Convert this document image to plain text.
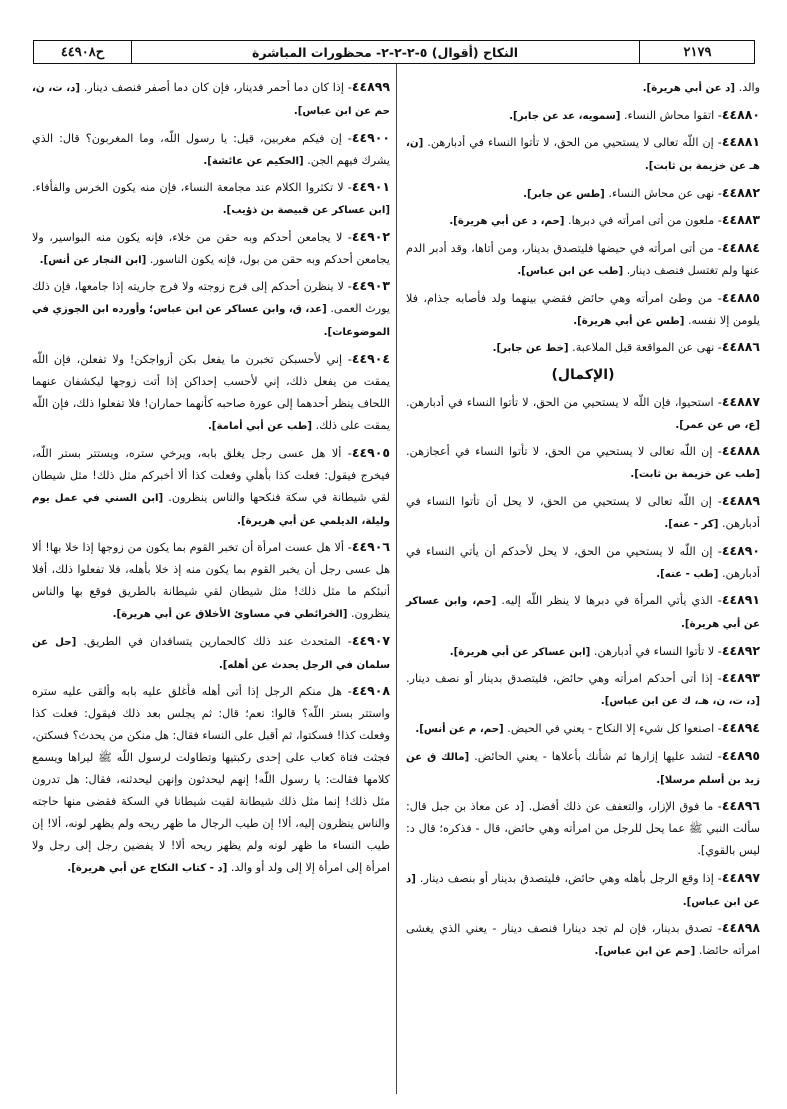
ح٤٤٩٠٨	النكاح (أقوال) ٥-٢-٢-٢- محظورات المباشرة	٢١٧٩
والد. [د عن أبي هريرة].
٤٤٨٨٠- اتقوا محاش النساء. [سمويه، عد عن جابر].
٤٤٨٨١- إن اللّه تعالى لا يستحيي من الحق، لا تأتوا النساء في أدبارهن. [ن، هـ عن خزيمة بن ثابت].
٤٤٨٨٢- نهى عن محاش النساء. [طس عن جابر].
٤٤٨٨٣- ملعون من أتى امرأته في دبرها. [حم، د عن أبي هريرة].
٤٤٨٨٤- من أتى امرأته في حيضها فليتصدق بدينار، ومن أتاها، وقد أدبر الدم عنها ولم تغتسل فنصف دينار. [طب عن ابن عباس].
٤٤٨٨٥- من وطئ امرأته وهي حائض فقضي بينهما ولد فأصابه جذام، فلا يلومن إلا نفسه. [طس عن أبي هريرة].
٤٤٨٨٦- نهى عن المواقعة قبل الملاعبة. [خط عن جابر].
(الإكمال)
٤٤٨٨٧- استحيوا، فإن اللّه لا يستحيي من الحق، لا تأتوا النساء في أدبارهن. [ع، ص عن عمر].
٤٤٨٨٨- إن اللّه تعالى لا يستحيي من الحق، لا تأتوا النساء في أعجازهن. [طب عن خزيمة بن ثابت].
٤٤٨٨٩- إن اللّه تعالى لا يستحيي من الحق، لا يحل أن تأتوا النساء في أدبارهن. [كر - عنه].
٤٤٨٩٠- إن اللّه لا يستحيي من الحق، لا يحل لأحدكم أن يأتي النساء في أدبارهن. [طب - عنه].
٤٤٨٩١- الذي يأتي المرأة في دبرها لا ينظر اللّه إليه. [حم، وابن عساكر عن أبي هريرة].
٤٤٨٩٢- لا تأتوا النساء في أدبارهن. [ابن عساكر عن أبي هريرة].
٤٤٨٩٣- إذا أتى أحدكم امرأته وهي حائض، فليتصدق بدينار أو نصف دينار. [د، ت، ن، هـ، ك عن ابن عباس].
٤٤٨٩٤- اصنعوا كل شيء إلا النكاح - يعني في الحيض. [حم، م عن أنس].
٤٤٨٩٥- لتشد عليها إزارها ثم شأنك بأعلاها - يعني الحائض. [مالك ق عن زيد بن أسلم مرسلا].
٤٤٨٩٦- ما فوق الإزار، والتعفف عن ذلك أفضل. [د عن معاذ بن جبل قال: سألت النبي ﷺ عما يحل للرجل من امرأته وهي حائض، قال - فذكره؛ قال د: ليس بالقوي].
٤٤٨٩٧- إذا وقع الرجل بأهله وهي حائض، فليتصدق بدينار أو بنصف دينار. [د عن ابن عباس].
٤٤٨٩٨- تصدق بدينار، فإن لم تجد دينارا فنصف دينار - يعني الذي يغشى امرأته حائضا. [حم عن ابن عباس].
٤٤٨٩٩- إذا كان دما أحمر فدينار، فإن كان دما أصفر فنصف دينار. [د، ت، ن، حم عن ابن عباس].
٤٤٩٠٠- إن فيكم مغربين، قيل: يا رسول اللّه، وما المغربون؟ قال: الذي يشرك فيهم الجن. [الحكيم عن عائشة].
٤٤٩٠١- لا تكثروا الكلام عند مجامعة النساء، فإن منه يكون الخرس والفأفاء. [ابن عساكر عن قبيصة بن ذؤيب].
٤٤٩٠٢- لا يجامعن أحدكم وبه حقن من خلاء، فإنه يكون منه البواسير، ولا يجامعن أحدكم وبه حقن من بول، فإنه يكون الناسور. [ابن النجار عن أنس].
٤٤٩٠٣- لا ينظرن أحدكم إلى فرج زوجته ولا فرج جاريته إذا جامعها، فإن ذلك يورث العمى. [عد، ق، وابن عساكر عن ابن عباس؛ وأورده ابن الجوزي في الموضوعات].
٤٤٩٠٤- إني لأحسبكن تخبرن ما يفعل بكن أزواجكن! ولا تفعلن، فإن اللّه يمقت من يفعل ذلك، إني لأحسب إحداكن إذا أتت زوجها ليكشفان عنهما اللحاف ينظر أحدهما إلى عورة صاحبه كأنهما حماران! فلا تفعلوا ذلك، فإن اللّه يمقت على ذلك. [طب عن أبي أمامة].
٤٤٩٠٥- ألا هل عسى رجل يغلق بابه، ويرخي ستره، ويستتر بستر اللّه، فيخرج فيقول: فعلت كذا بأهلي وفعلت كذا ألا أخبركم مثل ذلك! مثل شيطان لقي شيطانة في سكة فنكحها والناس ينظرون. [ابن السني في عمل يوم وليلة، الديلمي عن أبي هريرة].
٤٤٩٠٦- ألا هل عست امرأة أن تخبر القوم بما يكون من زوجها إذا خلا بها! ألا هل عسى رجل أن يخبر القوم بما يكون منه إذ خلا بأهله، فلا تفعلوا ذلك، أفلا أنبئكم ما مثل ذلك! مثل شيطان لقي شيطانة بالطريق فوقع بها والناس ينظرون. [الخرائطي في مساوئ الأخلاق عن أبي هريرة].
٤٤٩٠٧- المتحدث عند ذلك كالحمارين يتسافدان في الطريق. [حل عن سلمان في الرجل يحدث عن أهله].
٤٤٩٠٨- هل منكم الرجل إذا أتى أهله فأغلق عليه بابه وألقى عليه ستره واستتر بستر اللّه؟ قالوا: نعم؛ قال: ثم يجلس بعد ذلك فيقول: فعلت كذا وفعلت كذا! فسكتوا، ثم أقبل على النساء فقال: هل منكن من يحدث؟ فسكتن، فجثت فتاة كعاب على إحدى ركبتيها وتطاولت لرسول اللّه ﷺ ليراها ويسمع كلامها فقالت: يا رسول اللّه! إنهم ليحدثون وإنهن ليحدثنه، فقال: هل تدرون مثل ذلك! إنما مثل ذلك شيطانة لقيت شيطانا في السكة فقضى منها حاجته والناس ينظرون إليه، ألا! إن طيب الرجال ما ظهر ريحه ولم يظهر لونه، ألا! إن طيب النساء ما ظهر لونه ولم يظهر ريحه ألا! لا يفضين رجل إلى رجل ولا امرأة إلى امرأة إلا إلى ولد أو والد. [د - كتاب النكاح عن أبي هريرة].
